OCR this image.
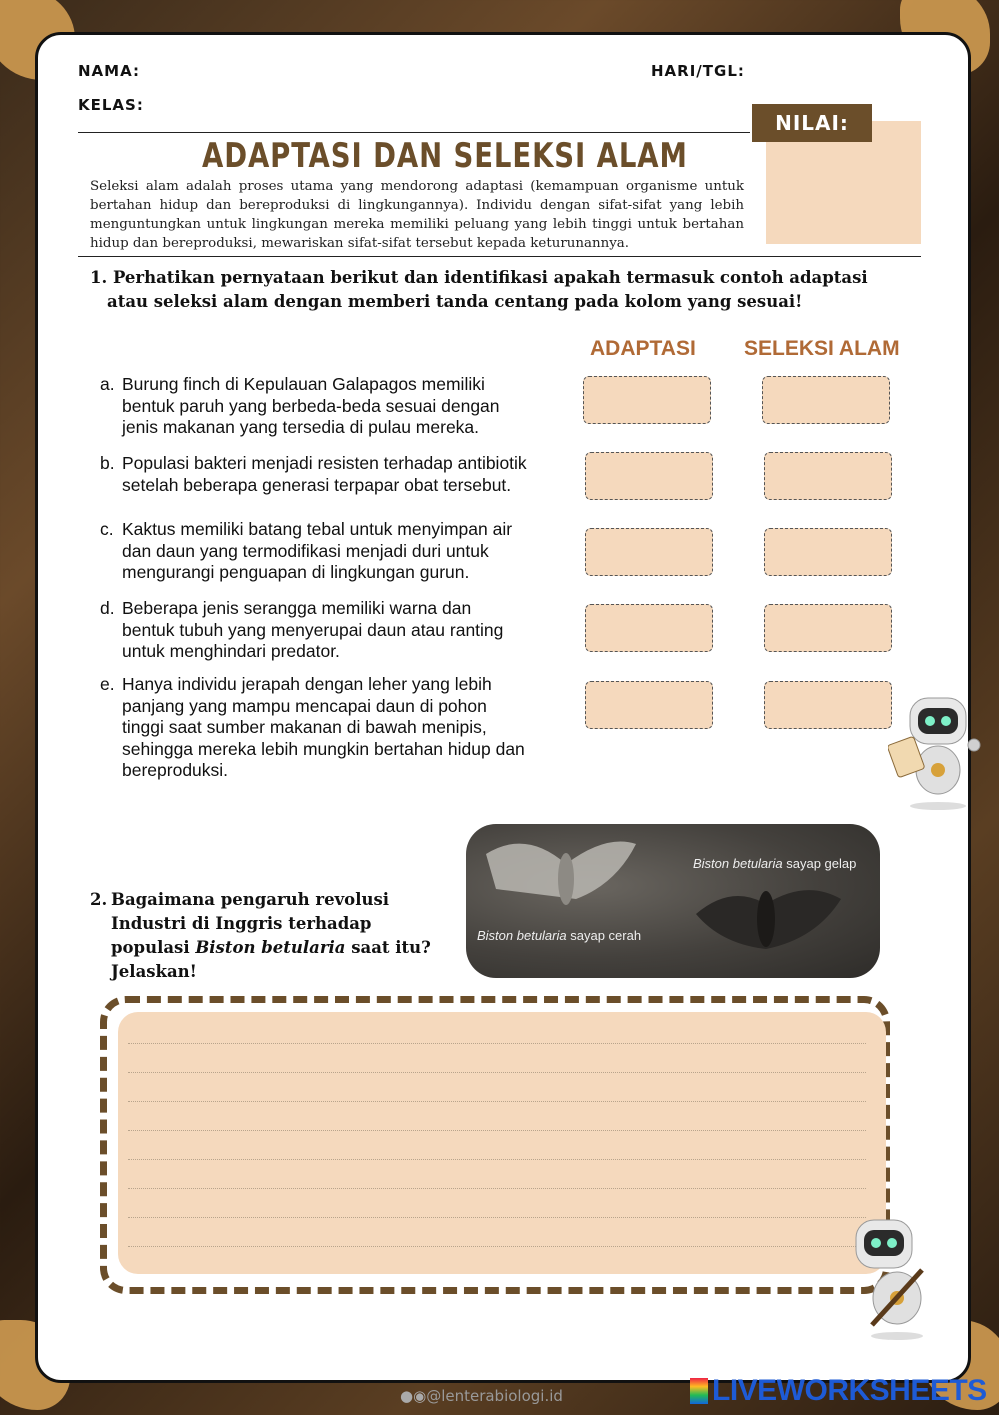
NAMA:	HARI/TGL:
KELAS:
NILAI:
ADAPTASI DAN SELEKSI ALAM
Seleksi alam adalah proses utama yang mendorong adaptasi (kemampuan organisme untuk bertahan hidup dan bereproduksi di lingkungannya). Individu dengan sifat-sifat yang lebih menguntungkan untuk lingkungan mereka memiliki peluang yang lebih tinggi untuk bertahan hidup dan bereproduksi, mewariskan sifat-sifat tersebut kepada keturunannya.
1. Perhatikan pernyataan berikut dan identifikasi apakah termasuk contoh adaptasi
atau seleksi alam dengan memberi tanda centang pada kolom yang sesuai!
ADAPTASI SELEKSI ALAM
a. Burung finch di Kepulauan Galapagos memiliki
bentuk paruh yang berbeda-beda sesuai dengan
jenis makanan yang tersedia di pulau mereka.
b. Populasi bakteri menjadi resisten terhadap antibiotik
setelah beberapa generasi terpapar obat tersebut.
c. Kaktus memiliki batang tebal untuk menyimpan air
dan daun yang termodifikasi menjadi duri untuk
mengurangi penguapan di lingkungan gurun.
d. Beberapa jenis serangga memiliki warna dan
bentuk tubuh yang menyerupai daun atau ranting
untuk menghindari predator.
e. Hanya individu jerapah dengan leher yang lebih
panjang yang mampu mencapai daun di pohon
tinggi saat sumber makanan di bawah menipis,
sehingga mereka lebih mungkin bertahan hidup dan
bereproduksi.
2. Bagaimana pengaruh revolusi
Industri di Inggris terhadap
populasi Biston betularia saat itu?
Jelaskan!
Biston betularia sayap gelap
Biston betularia sayap cerah
●◉@lenterabiologi.id	LIVEWORKSHEETS
